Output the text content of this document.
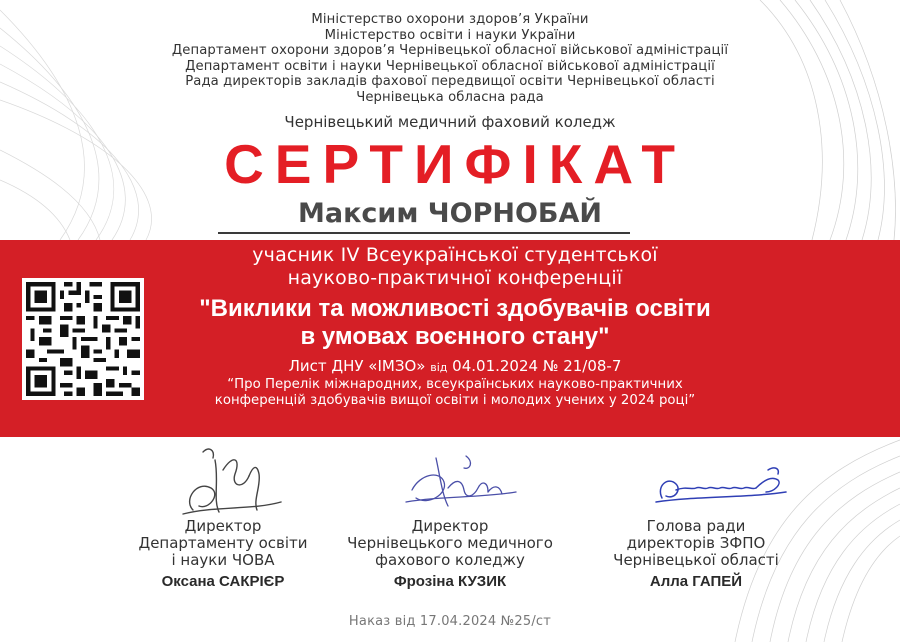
Міністерство охорони здоров’я України
Міністерство освіти і науки України
Департамент охорони здоров’я Чернівецької обласної військової адміністрації
Департамент освіти і науки Чернівецької обласної військової адміністрації
Рада директорів закладів фахової передвищої освіти Чернівецької області
Чернівецька обласна рада
Чернівецький медичний фаховий коледж
СЕРТИФІКАТ
Максим ЧОРНОБАЙ
учасник ІV Всеукраїнської студентської
науково-практичної конференції
"Виклики та можливості здобувачів освіти
в умовах воєнного стану"
Лист ДНУ «ІМЗО» від 04.01.2024 № 21/08-7
“Про Перелік міжнародних, всеукраїнських науково-практичних
конференцій здобувачів вищої освіти і молодих учених у 2024 році”
Директор
Департаменту освіти
і науки ЧОВА
Оксана САКРІЄР
Директор
Чернівецького медичного
фахового коледжу
Фрозіна КУЗИК
Голова ради
директорів ЗФПО
Чернівецької області
Алла ГАПЕЙ
Наказ від 17.04.2024 №25/ст
